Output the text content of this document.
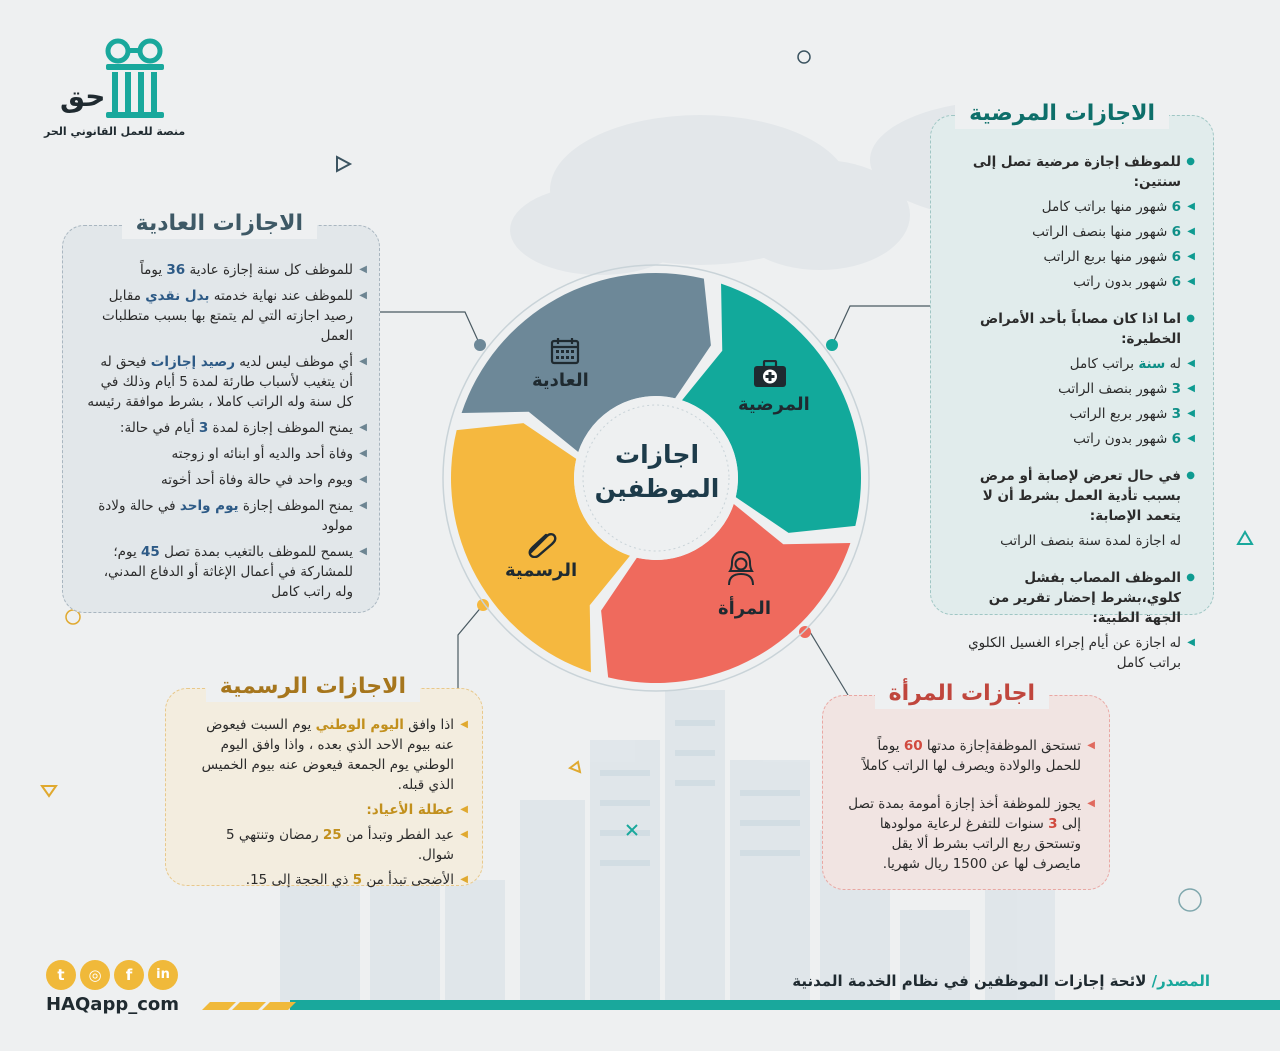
حق
منصة للعمل القانوني الحر
اجازات
الموظفين
العادية
المرضية
المرأة
الرسمية
الاجازات المرضية
●
للموظف إجازة مرضية تصل إلى سنتين:
◀
6 شهور منها براتب كامل
◀
6 شهور منها بنصف الراتب
◀
6 شهور منها بربع الراتب
◀
6 شهور بدون راتب
●
اما اذا كان مصاباً بأحد الأمراض الخطيرة:
◀
له سنة براتب كامل
◀
3 شهور بنصف الراتب
◀
3 شهور بربع الراتب
◀
6 شهور بدون راتب
●
في حال تعرض لإصابة أو مرض بسبب تأدية العمل بشرط أن لا يتعمد الإصابة:
له اجازة لمدة سنة بنصف الراتب
●
الموظف المصاب بفشل كلوي،بشرط إحضار تقرير من الجهة الطبية:
◀
له اجازة عن أيام إجراء الغسيل الكلوي براتب كامل
الاجازات العادية
◀
للموظف كل سنة إجازة عادية 36 يوماً
◀
للموظف عند نهاية خدمته بدل نقدي مقابل رصيد اجازته التي لم يتمتع بها بسبب متطلبات العمل
◀
أي موظف ليس لديه رصيد إجازات فيحق له أن يتغيب لأسباب طارئة لمدة 5 أيام وذلك في كل سنة وله الراتب كاملا ، بشرط موافقة رئيسه
◀
يمنح الموظف إجازة لمدة 3 أيام في حالة:
◀
وفاة أحد والديه أو ابنائه او زوجته
◀
ويوم واحد في حالة وفاة أحد أخوته
◀
يمنح الموظف إجازة يوم واحد في حالة ولادة مولود
◀
يسمح للموظف بالتغيب بمدة تصل 45 يوم؛ للمشاركة في أعمال الإغاثة أو الدفاع المدني، وله راتب كامل
الاجازات الرسمية
◀
اذا وافق اليوم الوطني يوم السبت فيعوض عنه بيوم الاحد الذي بعده ، واذا وافق اليوم الوطني يوم الجمعة فيعوض عنه بيوم الخميس الذي قبله.
◀
عطلة الأعياد:
◀
عيد الفطر وتبدأ من 25 رمضان وتنتهي 5 شوال.
◀
الأضحى تبدأ من 5 ذي الحجة إلى 15.
اجازات المرأة
◀
تستحق الموظفةإجازة مدتها 60 يوماً للحمل والولادة ويصرف لها الراتب كاملاً
◀
يجوز للموظفة أخذ إجازة أمومة بمدة تصل إلى 3 سنوات للتفرغ لرعاية مولودها وتستحق ربع الراتب بشرط ألا يقل مايصرف لها عن 1500 ريال شهريا.
t	◎	f	in
HAQapp_com
المصدر/ لائحة إجازات الموظفين في نظام الخدمة المدنية
